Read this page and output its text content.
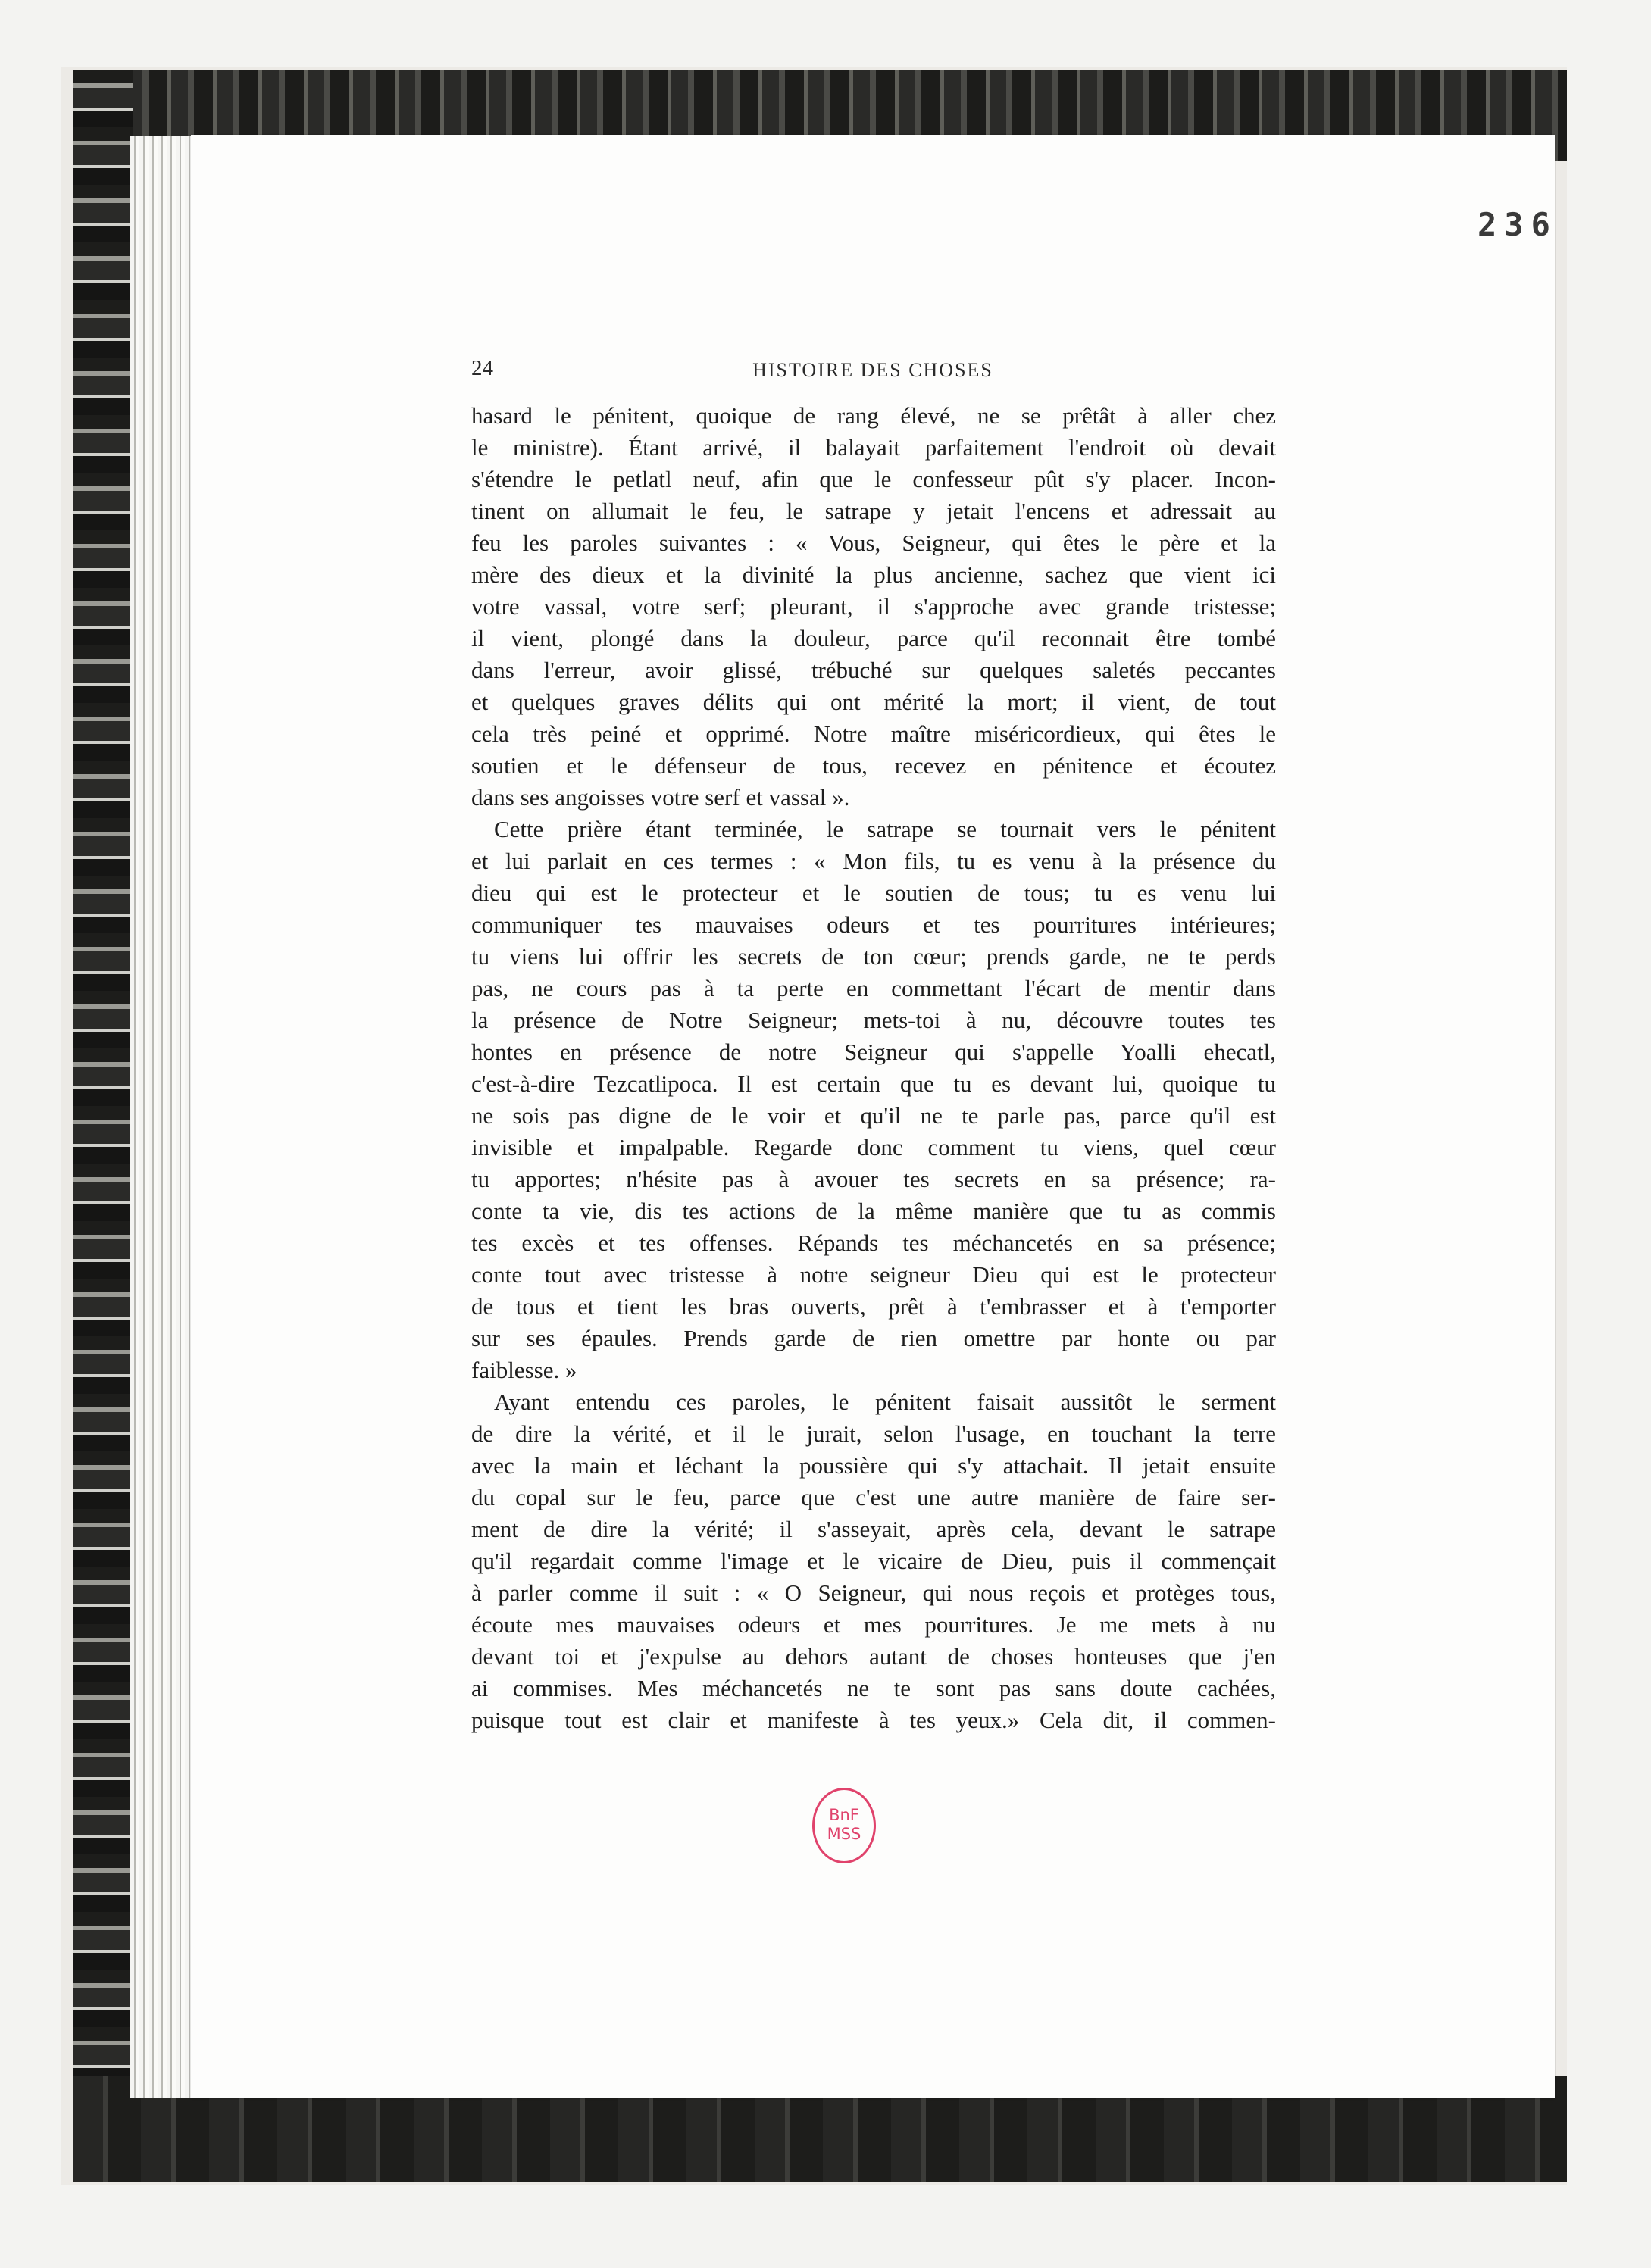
236
24	HISTOIRE DES CHOSES
hasard le pénitent, quoique de rang élevé, ne se prêtât à aller chez
le ministre). Étant arrivé, il balayait parfaitement l'endroit où devait
s'étendre le petlatl neuf, afin que le confesseur pût s'y placer. Incon-
tinent on allumait le feu, le satrape y jetait l'encens et adressait au
feu les paroles suivantes : « Vous, Seigneur, qui êtes le père et la
mère des dieux et la divinité la plus ancienne, sachez que vient ici
votre vassal, votre serf; pleurant, il s'approche avec grande tristesse;
il vient, plongé dans la douleur, parce qu'il reconnait être tombé
dans l'erreur, avoir glissé, trébuché sur quelques saletés peccantes
et quelques graves délits qui ont mérité la mort; il vient, de tout
cela très peiné et opprimé. Notre maître miséricordieux, qui êtes le
soutien et le défenseur de tous, recevez en pénitence et écoutez
dans ses angoisses votre serf et vassal ».
Cette prière étant terminée, le satrape se tournait vers le pénitent
et lui parlait en ces termes : « Mon fils, tu es venu à la présence du
dieu qui est le protecteur et le soutien de tous; tu es venu lui
communiquer tes mauvaises odeurs et tes pourritures intérieures;
tu viens lui offrir les secrets de ton cœur; prends garde, ne te perds
pas, ne cours pas à ta perte en commettant l'écart de mentir dans
la présence de Notre Seigneur; mets-toi à nu, découvre toutes tes
hontes en présence de notre Seigneur qui s'appelle Yoalli ehecatl,
c'est-à-dire Tezcatlipoca. Il est certain que tu es devant lui, quoique tu
ne sois pas digne de le voir et qu'il ne te parle pas, parce qu'il est
invisible et impalpable. Regarde donc comment tu viens, quel cœur
tu apportes; n'hésite pas à avouer tes secrets en sa présence; ra-
conte ta vie, dis tes actions de la même manière que tu as commis
tes excès et tes offenses. Répands tes méchancetés en sa présence;
conte tout avec tristesse à notre seigneur Dieu qui est le protecteur
de tous et tient les bras ouverts, prêt à t'embrasser et à t'emporter
sur ses épaules. Prends garde de rien omettre par honte ou par
faiblesse. »
Ayant entendu ces paroles, le pénitent faisait aussitôt le serment
de dire la vérité, et il le jurait, selon l'usage, en touchant la terre
avec la main et léchant la poussière qui s'y attachait. Il jetait ensuite
du copal sur le feu, parce que c'est une autre manière de faire ser-
ment de dire la vérité; il s'asseyait, après cela, devant le satrape
qu'il regardait comme l'image et le vicaire de Dieu, puis il commençait
à parler comme il suit : « O Seigneur, qui nous reçois et protèges tous,
écoute mes mauvaises odeurs et mes pourritures. Je me mets à nu
devant toi et j'expulse au dehors autant de choses honteuses que j'en
ai commises. Mes méchancetés ne te sont pas sans doute cachées,
puisque tout est clair et manifeste à tes yeux.» Cela dit, il commen-
BnF
MSS
